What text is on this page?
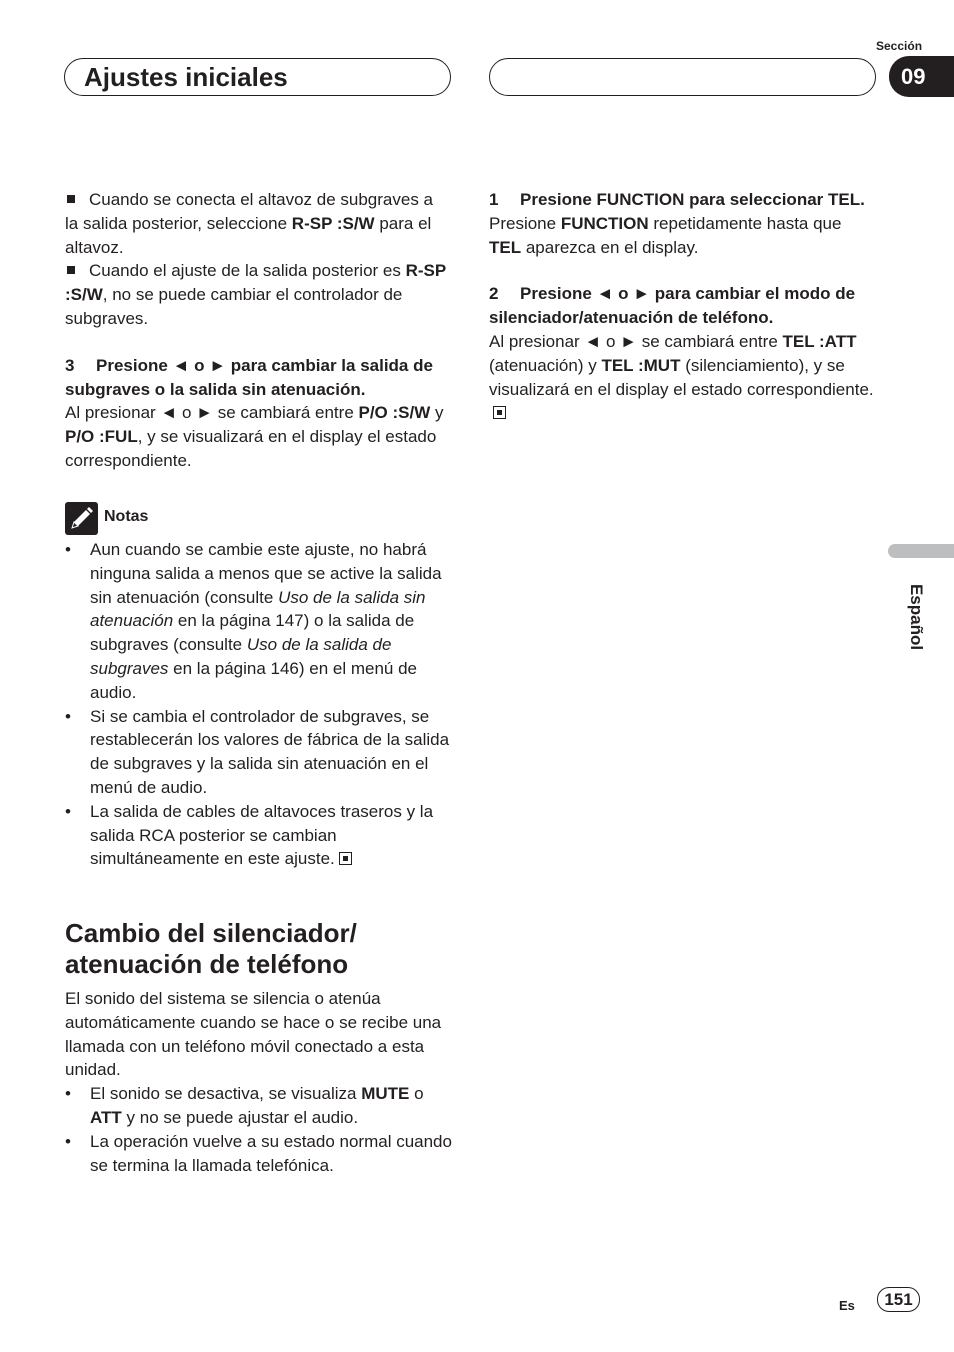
Ajustes iniciales
Sección
09
Español

Cuando se conecta el altavoz de subgraves a la salida posterior, seleccione R-SP :S/W para el altavoz.

Cuando el ajuste de la salida posterior es R-SP :S/W, no se puede cambiar el controlador de subgraves.

3 Presione ◄ o ► para cambiar la salida de subgraves o la salida sin atenuación.

Al presionar ◄ o ► se cambiará entre P/O :S/W y P/O :FUL, y se visualizará en el display el estado correspondiente.

Notas
• Aun cuando se cambie este ajuste, no habrá ninguna salida a menos que se active la salida sin atenuación (consulte Uso de la salida sin atenuación en la página 147) o la salida de subgraves (consulte Uso de la salida de subgraves en la página 146) en el menú de audio.
• Si se cambia el controlador de subgraves, se restablecerán los valores de fábrica de la salida de subgraves y la salida sin atenuación en el menú de audio.
• La salida de cables de altavoces traseros y la salida RCA posterior se cambian simultáneamente en este ajuste.
Cambio del silenciador/ atenuación de teléfono

El sonido del sistema se silencia o atenúa automáticamente cuando se hace o se recibe una llamada con un teléfono móvil conectado a esta unidad.

• El sonido se desactiva, se visualiza MUTE o ATT y no se puede ajustar el audio.
• La operación vuelve a su estado normal cuando se termina la llamada telefónica.

1 Presione FUNCTION para seleccionar TEL.

Presione FUNCTION repetidamente hasta que TEL aparezca en el display.

2 Presione ◄ o ► para cambiar el modo de silenciador/atenuación de teléfono.

Al presionar ◄ o ► se cambiará entre TEL :ATT (atenuación) y TEL :MUT (silenciamiento), y se visualizará en el display el estado correspondiente.

Es	151
